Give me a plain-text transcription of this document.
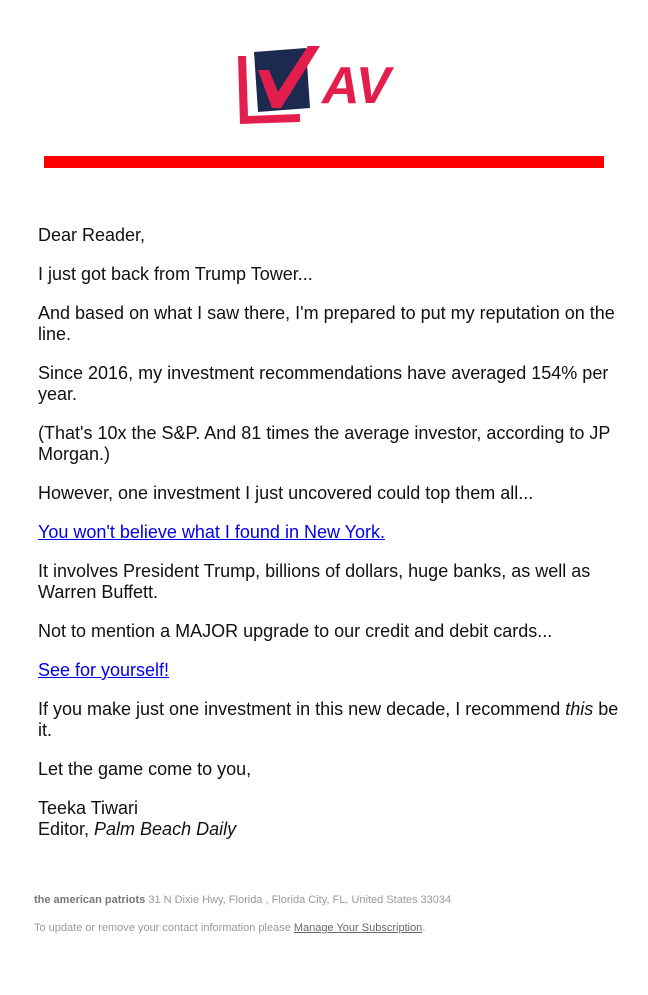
AV

Dear Reader,

I just got back from Trump Tower...

And based on what I saw there, I'm prepared to put my reputation on the line.

Since 2016, my investment recommendations have averaged 154% per year.

(That's 10x the S&P. And 81 times the average investor, according to JP Morgan.)

However, one investment I just uncovered could top them all...

You won't believe what I found in New York.

It involves President Trump, billions of dollars, huge banks, as well as Warren Buffett.

Not to mention a MAJOR upgrade to our credit and debit cards...

See for yourself!

If you make just one investment in this new decade, I recommend this be it.

Let the game come to you,

Teeka Tiwari

Editor, Palm Beach Daily

the american patriots 31 N Dixie Hwy, Florida , Florida City, FL, United States 33034
To update or remove your contact information please Manage Your Subscription.
